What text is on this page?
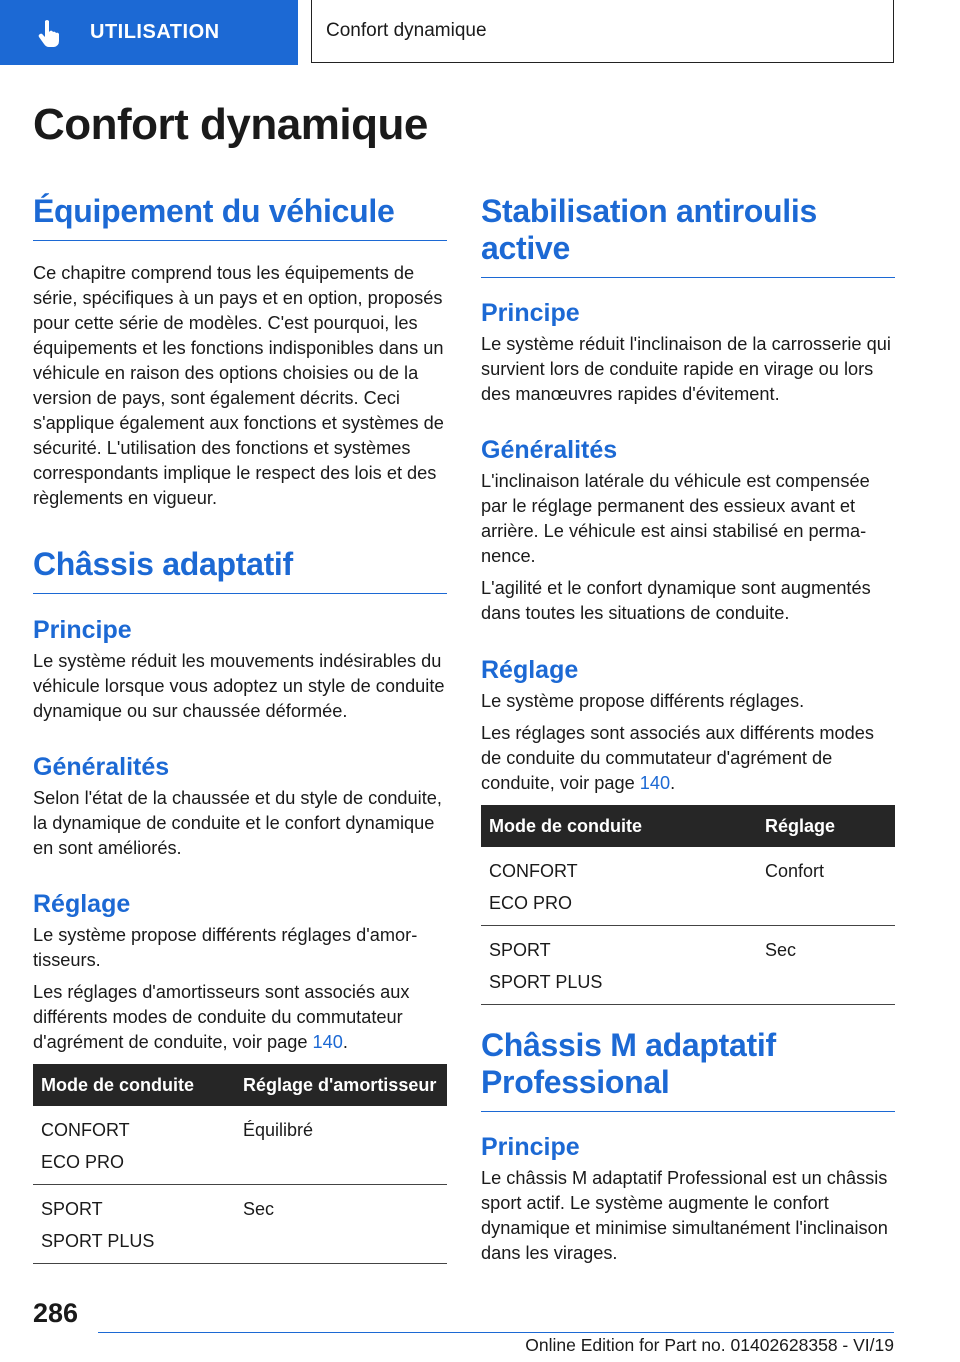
UTILISATION	Confort dynamique
Confort dynamique
Équipement du véhicule

Ce chapitre comprend tous les équipements de série, spécifiques à un pays et en option, proposés pour cette série de modèles. C'est pourquoi, les équipements et les fonctions indisponibles dans un véhicule en raison des options choisies ou de la version de pays, sont également décrits. Ceci s'applique également aux fonctions et systèmes de sécurité. L'utilisation des fonctions et systèmes correspondants implique le respect des lois et des règlements en vigueur.

Châssis adaptatif
Principe

Le système réduit les mouvements indésirables du véhicule lorsque vous adoptez un style de conduite dynamique ou sur chaussée déformée.

Généralités

Selon l'état de la chaussée et du style de conduite, la dynamique de conduite et le confort dynamique en sont améliorés.

Réglage

Le système propose différents réglages d'amortisseurs.

Les réglages d'amortisseurs sont associés aux différents modes de conduite du commutateur d'agrément de conduite, voir page 140.

Mode de conduite	Réglage d'amortisseur

CONFORT
ECO PRO	Équilibré

SPORT
SPORT PLUS	Sec
Stabilisation antiroulis active
Principe

Le système réduit l'inclinaison de la carrosserie qui survient lors de conduite rapide en virage ou lors des manœuvres rapides d'évitement.

Généralités

L'inclinaison latérale du véhicule est compensée par le réglage permanent des essieux avant et arrière. Le véhicule est ainsi stabilisé en permanence.

L'agilité et le confort dynamique sont augmentés dans toutes les situations de conduite.

Réglage

Le système propose différents réglages.

Les réglages sont associés aux différents modes de conduite du commutateur d'agrément de conduite, voir page 140.

Mode de conduite	Réglage

CONFORT
ECO PRO	Confort

SPORT
SPORT PLUS	Sec
Châssis M adaptatif Professional
Principe

Le châssis M adaptatif Professional est un châssis sport actif. Le système augmente le confort dynamique et minimise simultanément l'inclinaison dans les virages.

286
Online Edition for Part no. 01402628358 - VI/19
